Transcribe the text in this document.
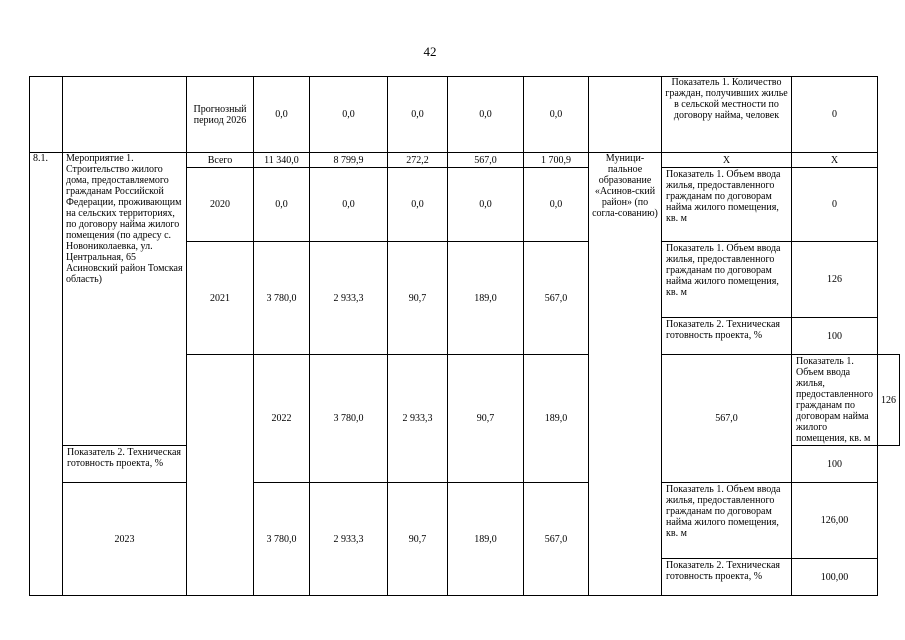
42
		Прогнозный период 2026	0,0	0,0	0,0	0,0	0,0		Показатель 1. Количество граждан, получивших жилье в сельской местности по договору найма, человек	0	
8.1.	Мероприятие 1. Строительство жилого дома, предоставляемого гражданам Российской Федерации, проживающим на сельских территориях, по договору найма жилого помещения (по адресу с. Новониколаевка, ул. Центральная, 65 Асиновский район Томская область)	Всего	11 340,0	8 799,9	272,2	567,0	1 700,9	Муници-пальное образование «Асинов-ский район» (по согла-сованию)	X	X	
		2020	0,0	0,0	0,0	0,0	0,0		Показатель 1. Объем ввода жилья, предоставленного гражданам по договорам найма жилого помещения, кв. м	0	
		2021	3 780,0	2 933,3	90,7	189,0	567,0		Показатель 1. Объем ввода жилья, предоставленного гражданам по договорам найма жилого помещения, кв. м	126	
									Показатель 2. Техническая готовность проекта, %	100	
			2022	3 780,0	2 933,3	90,7	189,0		567,0	Показатель 1. Объем ввода жилья, предоставленного гражданам по договорам найма жилого помещения, кв. м	126
	Показатель 2. Техническая готовность проекта, %									100	
	2023		3 780,0	2 933,3	90,7	189,0	567,0		Показатель 1. Объем ввода жилья, предоставленного гражданам по договорам найма жилого помещения, кв. м	126,00	
									Показатель 2. Техническая готовность проекта, %	100,00	
